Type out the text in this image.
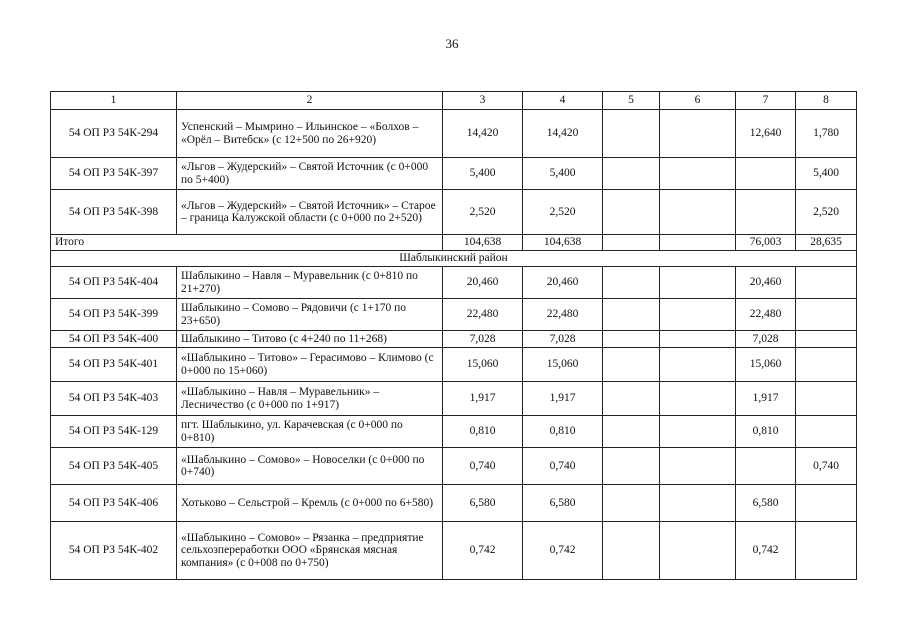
36
1	2	3	4	5	6	7	8
54 ОП РЗ 54К-294	Успенский – Мымрино – Ильинское – «Болхов – «Орёл – Витебск» (с 12+500 по 26+920)	14,420	14,420			12,640	1,780
54 ОП РЗ 54К-397	«Льгов – Жудерский» – Святой Источник (с 0+000 по 5+400)	5,400	5,400				5,400
54 ОП РЗ 54К-398	«Льгов – Жудерский» – Святой Источник» – Старое – граница Калужской области (с 0+000 по 2+520)	2,520	2,520				2,520
Итого		104,638	104,638			76,003	28,635
Шаблыкинский район							
54 ОП РЗ 54К-404	Шаблыкино – Навля – Муравельник (с 0+810 по 21+270)	20,460	20,460			20,460	
54 ОП РЗ 54К-399	Шаблыкино – Сомово – Рядовичи (с 1+170 по 23+650)	22,480	22,480			22,480	
54 ОП РЗ 54К-400	Шаблыкино – Титово (с 4+240 по 11+268)	7,028	7,028			7,028	
54 ОП РЗ 54К-401	«Шаблыкино – Титово» – Герасимово – Климово (с 0+000 по 15+060)	15,060	15,060			15,060	
54 ОП РЗ 54К-403	«Шаблыкино – Навля – Муравельник» – Лесничество (с 0+000 по 1+917)	1,917	1,917			1,917	
54 ОП РЗ 54К-129	пгт. Шаблыкино, ул. Карачевская (с 0+000 по 0+810)	0,810	0,810			0,810	
54 ОП РЗ 54К-405	«Шаблыкино – Сомово» – Новоселки (с 0+000 по 0+740)	0,740	0,740				0,740
54 ОП РЗ 54К-406	Хотьково – Сельстрой – Кремль (с 0+000 по 6+580)	6,580	6,580			6,580	
54 ОП РЗ 54К-402	«Шаблыкино – Сомово» – Рязанка – предприятие сельхозпереработки ООО «Брянская мясная компания» (с 0+008 по 0+750)	0,742	0,742			0,742	
